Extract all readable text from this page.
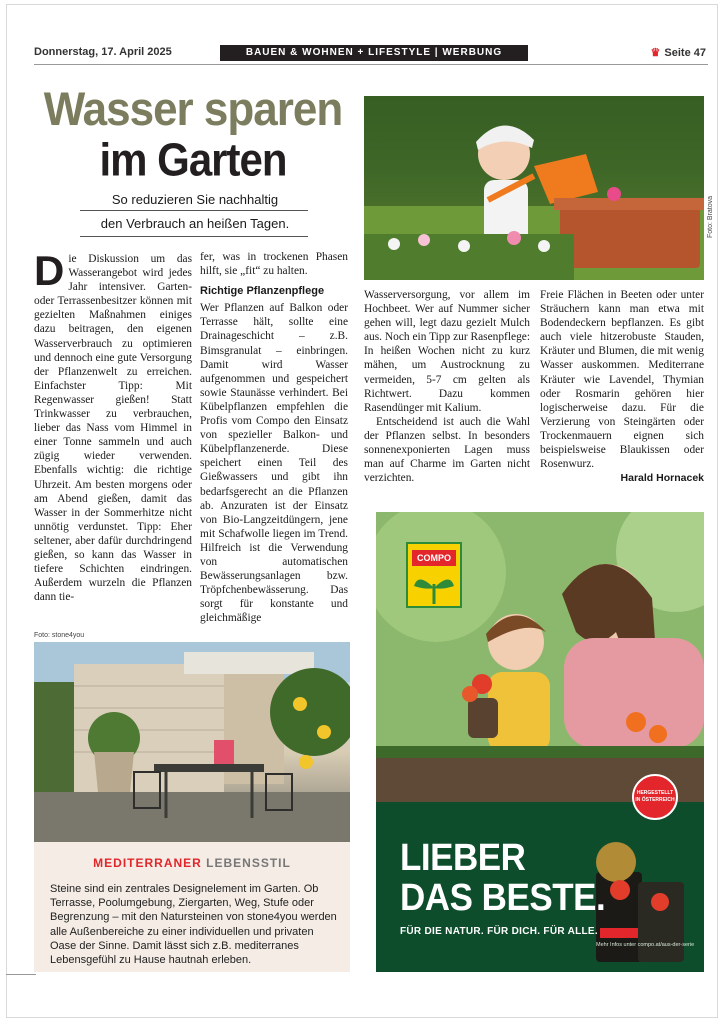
Donnerstag, 17. April 2025	BAUEN & WOHNEN + LIFESTYLE | WERBUNG	♛ Seite 47
Wasser sparen
im Garten
So reduzieren Sie nachhaltig
den Verbrauch an heißen Tagen.
D ie Diskussion um das Wasserangebot wird jedes Jahr intensiver. Garten- oder Terrassenbesitzer können mit gezielten Maßnahmen einiges dazu beitragen, den eigenen Wasserverbrauch zu optimieren und dennoch eine gute Versorgung der Pflanzenwelt zu erreichen. Einfachster Tipp: Mit Regenwasser gießen! Statt Trinkwasser zu verbrauchen, lieber das Nass vom Himmel in einer Tonne sammeln und auch zügig wieder verwenden. Ebenfalls wichtig: die richtige Uhrzeit. Am besten morgens oder am Abend gießen, damit das Wasser in der Sommerhitze nicht unnötig verdunstet. Tipp: Eher seltener, aber dafür durchdringend gießen, so kann das Wasser in tiefere Schichten eindringen. Außerdem wurzeln die Pflanzen dann tie-

fer, was in trockenen Phasen hilft, sie „fit“ zu halten.

Richtige Pflanzenpflege

Wer Pflanzen auf Balkon oder Terrasse hält, sollte eine Drainageschicht – z.B. Bimsgranulat – einbringen. Damit wird Wasser aufgenommen und gespeichert sowie Staunässe verhindert. Bei Kübelpflanzen empfehlen die Profis vom Compo den Einsatz von spezieller Balkon- und Kübelpflanzenerde. Diese speichert einen Teil des Gießwassers und gibt ihn bedarfsgerecht an die Pflanzen ab. Anzuraten ist der Einsatz von Bio-Langzeitdüngern, jene mit Schafwolle liegen im Trend. Hilfreich ist die Verwendung von automatischen Bewässerungsanlagen bzw. Tröpfchenbewässerung. Das sorgt für konstante und gleichmäßige

Wasserversorgung, vor allem im Hochbeet. Wer auf Nummer sicher gehen will, legt dazu gezielt Mulch aus. Noch ein Tipp zur Rasenpflege: In heißen Wochen nicht zu kurz mähen, um Austrocknung zu vermeiden, 5-7 cm gelten als Richtwert. Dazu kommen Rasendünger mit Kalium.

Entscheidend ist auch die Wahl der Pflanzen selbst. In besonders sonnenexponierten Lagen muss man auf Charme im Garten nicht verzichten.

Freie Flächen in Beeten oder unter Sträuchern kann man etwa mit Bodendeckern bepflanzen. Es gibt auch viele hitzerobuste Stauden, Kräuter und Blumen, die mit wenig Wasser auskommen. Mediterrane Kräuter wie Lavendel, Thymian oder Rosmarin gehören hier logischerweise dazu. Für die Verzierung von Steingärten oder Trockenmauern eignen sich beispielsweise Blaukissen oder Rosenwurz.

Harald Hornacek
Foto: Bratova
Foto: stone4you
MEDITERRANER LEBENSSTIL
Steine sind ein zentrales Designelement im Garten. Ob Terrasse, Poolumgebung, Ziergarten, Weg, Stufe oder Begrenzung – mit den Natursteinen von stone4you werden alle Außenbereiche zu einer individuellen und privaten Oase der Sinne. Damit lässt sich z.B. mediterranes Lebensgefühl zu Hause hautnah erleben.
COMPO
HERGESTELLT IN ÖSTERREICH
LIEBER
DAS BESTE.
FÜR DIE NATUR. FÜR DICH. FÜR ALLE.
Mehr Infos unter compo.at/aus-der-serie
